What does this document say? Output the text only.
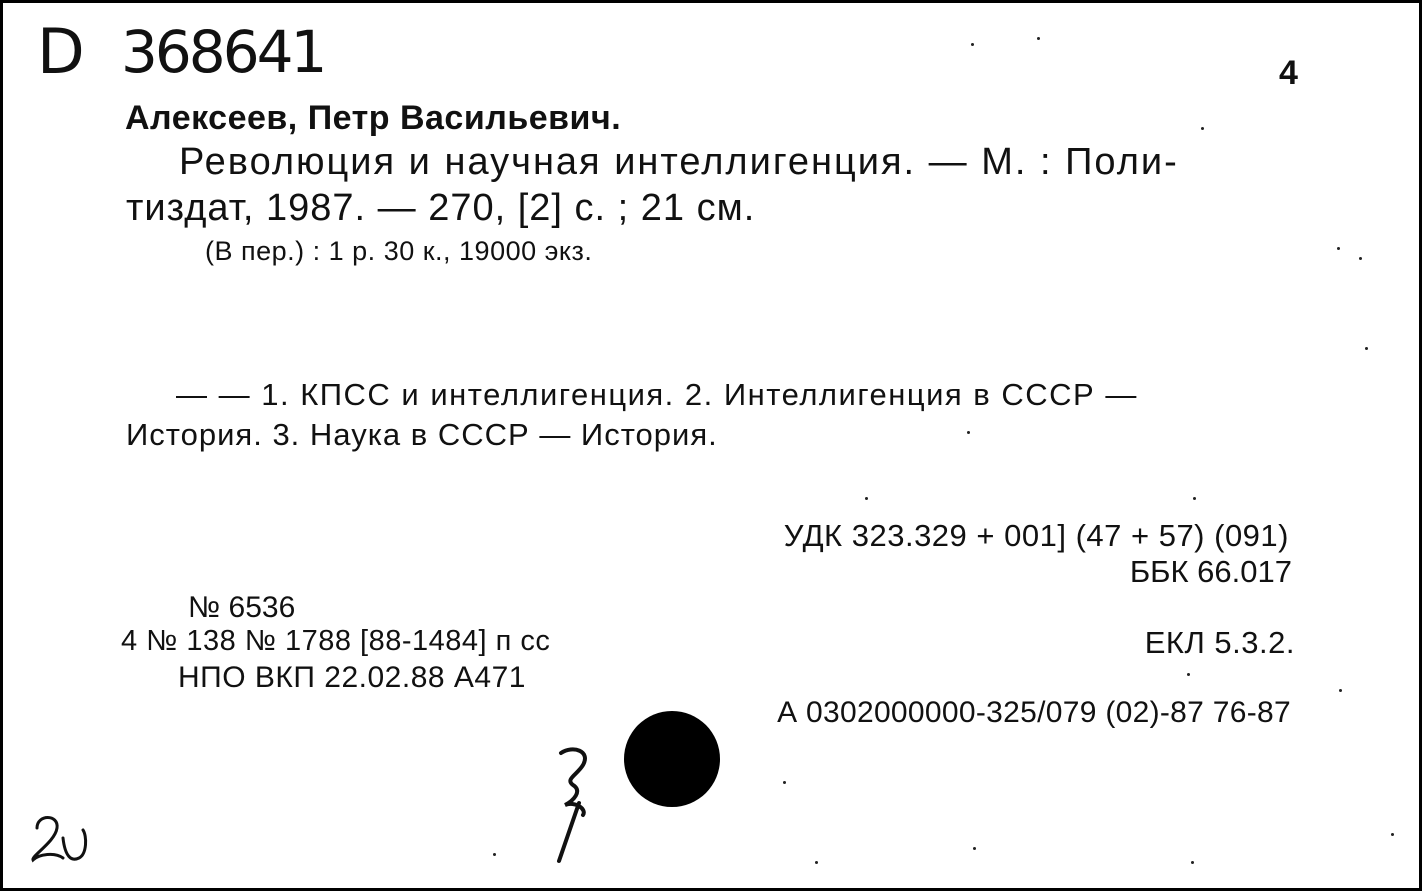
D 368641	4
Алексеев, Петр Васильевич.
Революция и научная интеллигенция. — М. : Поли-
тиздат, 1987. — 270, [2] с. ; 21 см.
(В пер.) : 1 р. 30 к., 19000 экз.
— — 1. КПСС и интеллигенция. 2. Интеллигенция в СССР —
История. 3. Наука в СССР — История.
УДК 323.329 + 001] (47 + 57) (091)
ББК 66.017
№ 6536
4 № 138 № 1788 [88-1484] п сс	ЕКЛ 5.3.2.
НПО ВКП 22.02.88 А471
А 0302000000-325/079 (02)-87 76-87
